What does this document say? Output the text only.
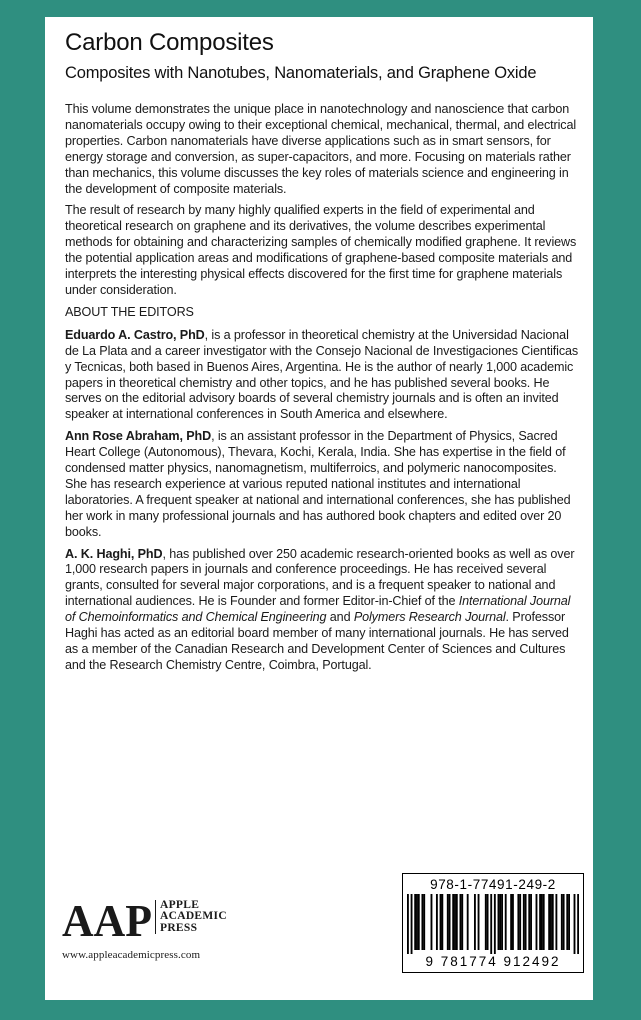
Carbon Composites
Composites with Nanotubes, Nanomaterials, and Graphene Oxide

This volume demonstrates the unique place in nanotechnology and nanoscience that carbon nanomaterials occupy owing to their exceptional chemical, mechanical, thermal, and electrical properties. Carbon nanomaterials have diverse applications such as in smart sensors, for energy storage and conversion, as super-capacitors, and more. Focusing on materials rather than mechanics, this volume discusses the key roles of materials science and engineering in the development of composite materials.

The result of research by many highly qualified experts in the field of experimental and theoretical research on graphene and its derivatives, the volume describes experimental methods for obtaining and characterizing samples of chemically modified graphene. It reviews the potential application areas and modifications of graphene-based composite materials and interprets the interesting physical effects discovered for the first time for graphene materials under consideration.

ABOUT THE EDITORS

Eduardo A. Castro, PhD, is a professor in theoretical chemistry at the Universidad Nacional de La Plata and a career investigator with the Consejo Nacional de Investigaciones Cientificas y Tecnicas, both based in Buenos Aires, Argentina. He is the author of nearly 1,000 academic papers in theoretical chemistry and other topics, and he has published several books. He serves on the editorial advisory boards of several chemistry journals and is often an invited speaker at international conferences in South America and elsewhere.

Ann Rose Abraham, PhD, is an assistant professor in the Department of Physics, Sacred Heart College (Autonomous), Thevara, Kochi, Kerala, India. She has expertise in the field of condensed matter physics, nanomagnetism, multiferroics, and polymeric nanocomposites. She has research experience at various reputed national institutes and international laboratories. A frequent speaker at national and international conferences, she has published her work in many professional journals and has authored book chapters and edited over 20 books.

A. K. Haghi, PhD, has published over 250 academic research-oriented books as well as over 1,000 research papers in journals and conference proceedings. He has received several grants, consulted for several major corporations, and is a frequent speaker to national and international audiences. He is Founder and former Editor-in-Chief of the International Journal of Chemoinformatics and Chemical Engineering and Polymers Research Journal. Professor Haghi has acted as an editorial board member of many international journals. He has served as a member of the Canadian Research and Development Center of Sciences and Cultures and the Research Chemistry Centre, Coimbra, Portugal.

AAP APPLE
ACADEMIC
PRESS
www.appleacademicpress.com
978-1-77491-249-2
9 781774 912492
